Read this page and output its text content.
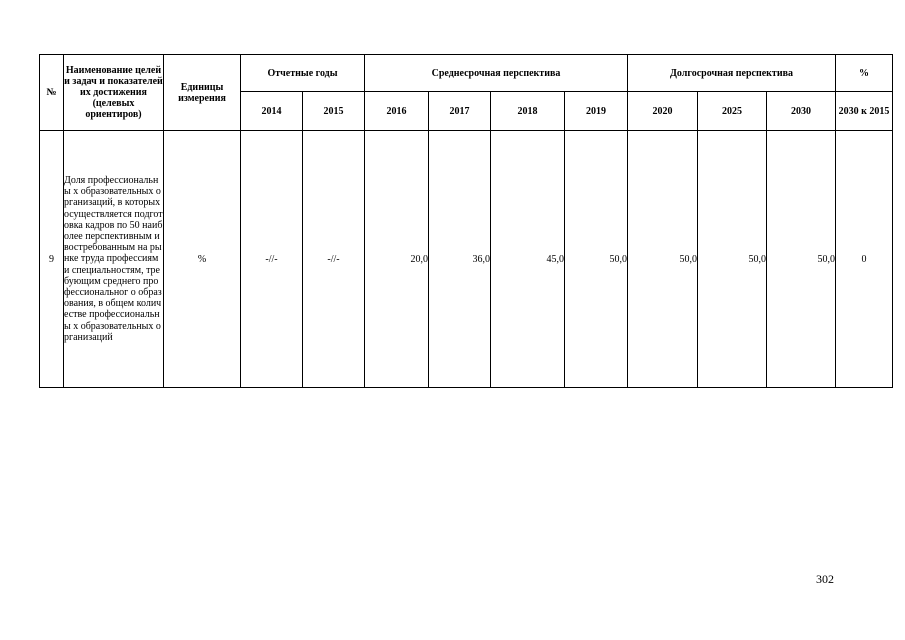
№	Наименование целей и задач и показателей их достижения (целевых ориентиров)	Единицы измерения	Отчетные годы		Среднесрочная перспектива				Долгосрочная перспектива			%
			2014	2015	2016	2017	2018	2019	2020	2025	2030	2030 к 2015
9	Доля профессиональны х образовательных организаций, в которых осуществляется подготовка кадров по 50 наиболее перспективным и востребованным на рынке труда профессиям и специальностям, требующим среднего профессиональног о образования, в общем количестве профессиональны х образовательных организаций	%	-//-	-//-	20,0	36,0	45,0	50,0	50,0	50,0	50,0	0
302
